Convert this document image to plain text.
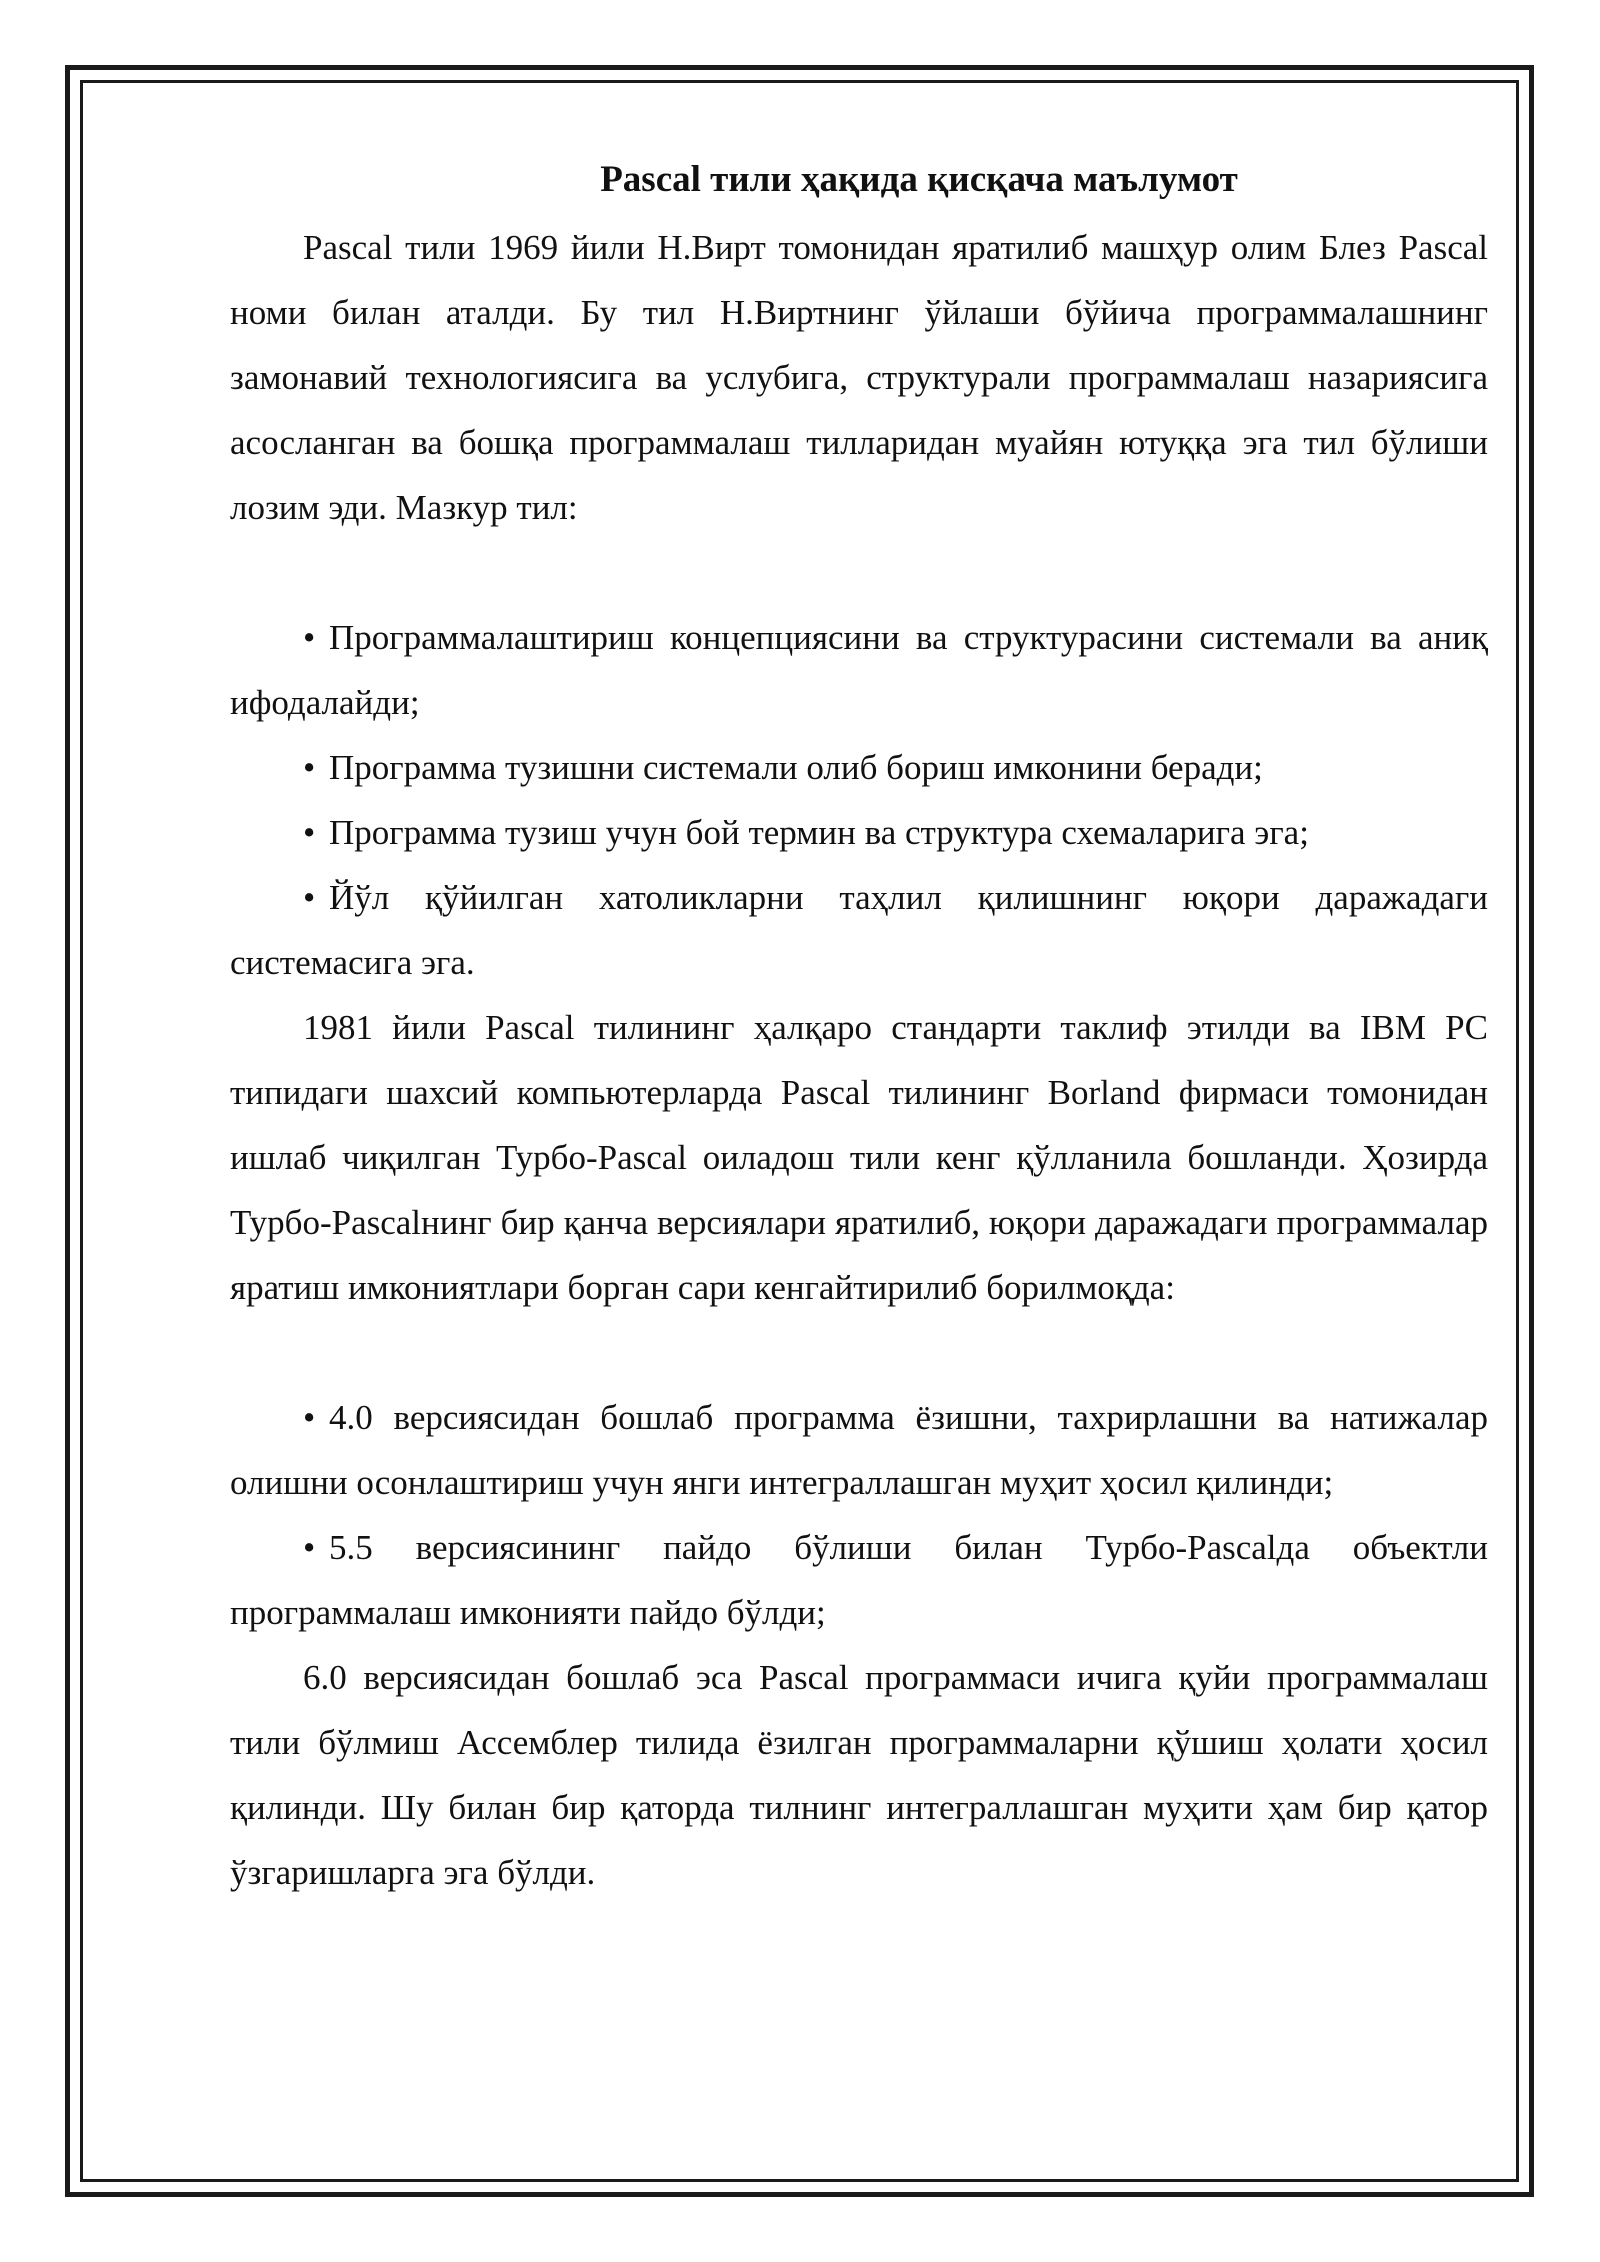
Pascal тили ҳақида қисқача маълумот

Pascal тили 1969 йили Н.Вирт томонидан яратилиб машҳур олим Блез Pascal номи билан аталди. Бу тил Н.Виртнинг ўйлаши бўйича программалашнинг замонавий технологиясига ва услубига, структурали программалаш назариясига асосланган ва бошқа программалаш тилларидан муайян ютуққа эга тил бўлиши лозим эди. Мазкур тил:

• Программалаштириш концепциясини ва структурасини системали ва аниқ ифодалайди;

• Программа тузишни системали олиб бориш имконини беради;

• Программа тузиш учун бой термин ва структура схемаларига эга;

• Йўл қўйилган хатоликларни таҳлил қилишнинг юқори даражадаги системасига эга.

1981 йили Pascal тилининг ҳалқаро стандарти таклиф этилди ва IBM PC типидаги шахсий компьютерларда Pascal тилининг Borland фирмаси томонидан ишлаб чиқилган Турбо-Pascal оиладош тили кенг қўлланила бошланди. Ҳозирда Турбо-Pascalнинг бир қанча версиялари яратилиб, юқори даражадаги программалар яратиш имкониятлари борган сари кенгайтирилиб борилмоқда:

• 4.0 версиясидан бошлаб программа ёзишни, тахрирлашни ва натижалар олишни осонлаштириш учун янги интеграллашган муҳит ҳосил қилинди;

• 5.5 версиясининг пайдо бўлиши билан Турбо-Pascalда объектли программалаш имконияти пайдо бўлди;

6.0 версиясидан бошлаб эса Pascal программаси ичига қуйи программалаш тили бўлмиш Ассемблер тилида ёзилган программаларни қўшиш ҳолати ҳосил қилинди. Шу билан бир қаторда тилнинг интеграллашган муҳити ҳам бир қатор ўзгаришларга эга бўлди.
